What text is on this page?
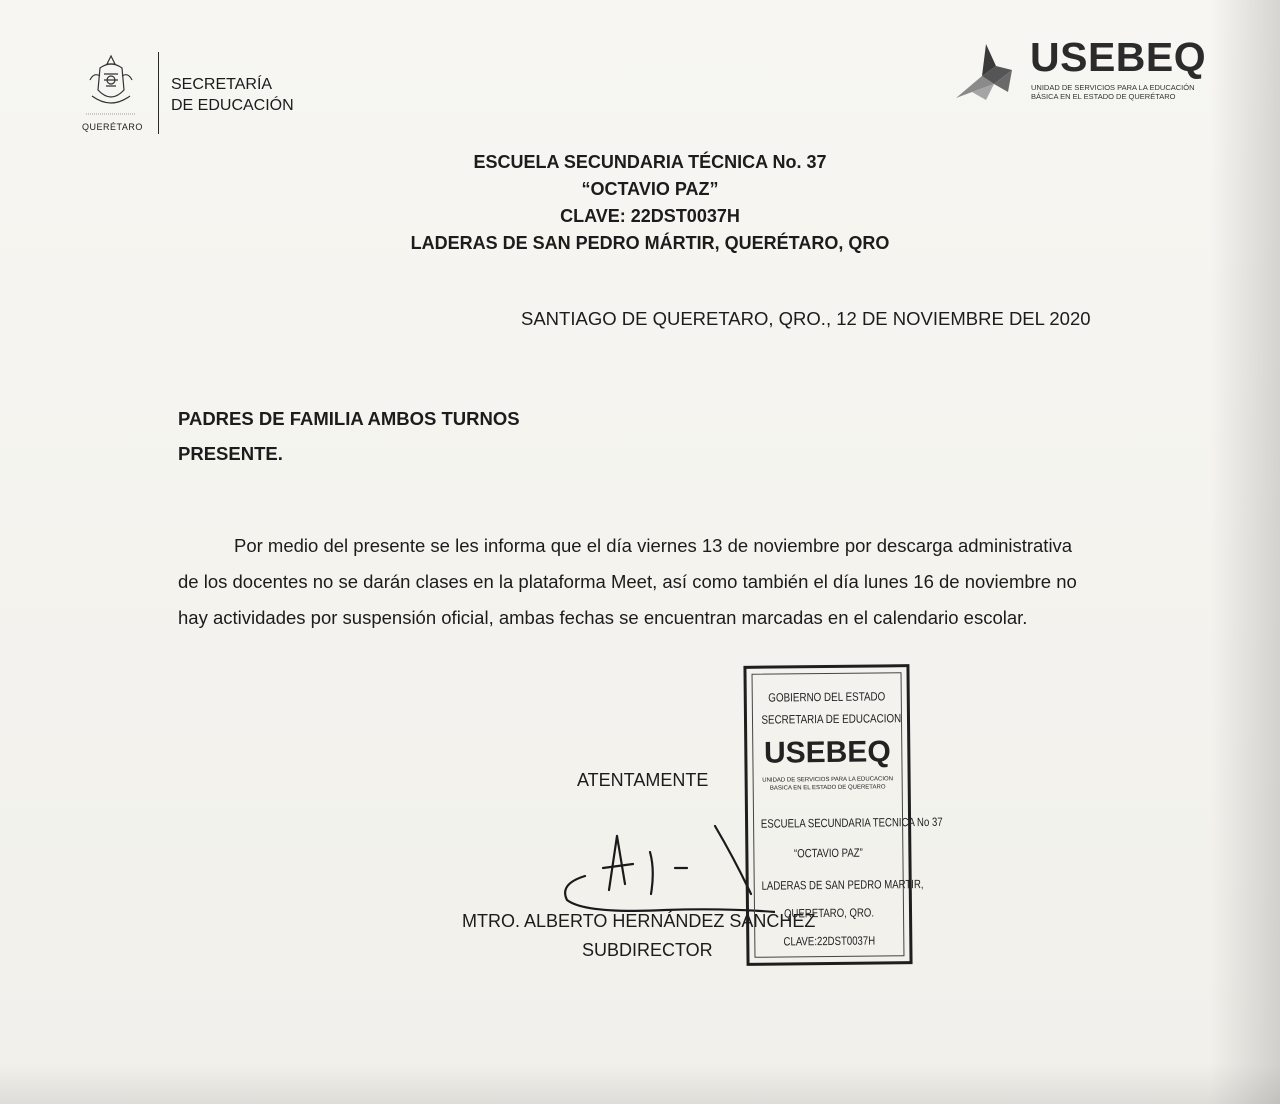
QUERÉTARO
SECRETARÍA
DE EDUCACIÓN
USEBEQ
UNIDAD DE SERVICIOS PARA LA EDUCACIÓN
BÁSICA EN EL ESTADO DE QUERÉTARO
ESCUELA SECUNDARIA TÉCNICA No. 37
“OCTAVIO PAZ”
CLAVE: 22DST0037H
LADERAS DE SAN PEDRO MÁRTIR, QUERÉTARO, QRO
SANTIAGO DE QUERETARO, QRO., 12 DE NOVIEMBRE DEL 2020
PADRES DE FAMILIA AMBOS TURNOS
PRESENTE.

Por medio del presente se les informa que el día viernes 13 de noviembre por descarga administrativa de los docentes no se darán clases en la plataforma Meet, así como también el día lunes 16 de noviembre no hay actividades por suspensión oficial, ambas fechas se encuentran marcadas en el calendario escolar.

ATENTAMENTE
MTRO. ALBERTO HERNÁNDEZ SÁNCHEZ
SUBDIRECTOR
GOBIERNO DEL ESTADO
SECRETARIA DE EDUCACION
USEBEQ
UNIDAD DE SERVICIOS PARA LA EDUCACION
BASICA EN EL ESTADO DE QUERETARO
ESCUELA SECUNDARIA TECNICA No 37
“OCTAVIO PAZ”
LADERAS DE SAN PEDRO MARTIR,
QUERETARO, QRO.
CLAVE:22DST0037H
